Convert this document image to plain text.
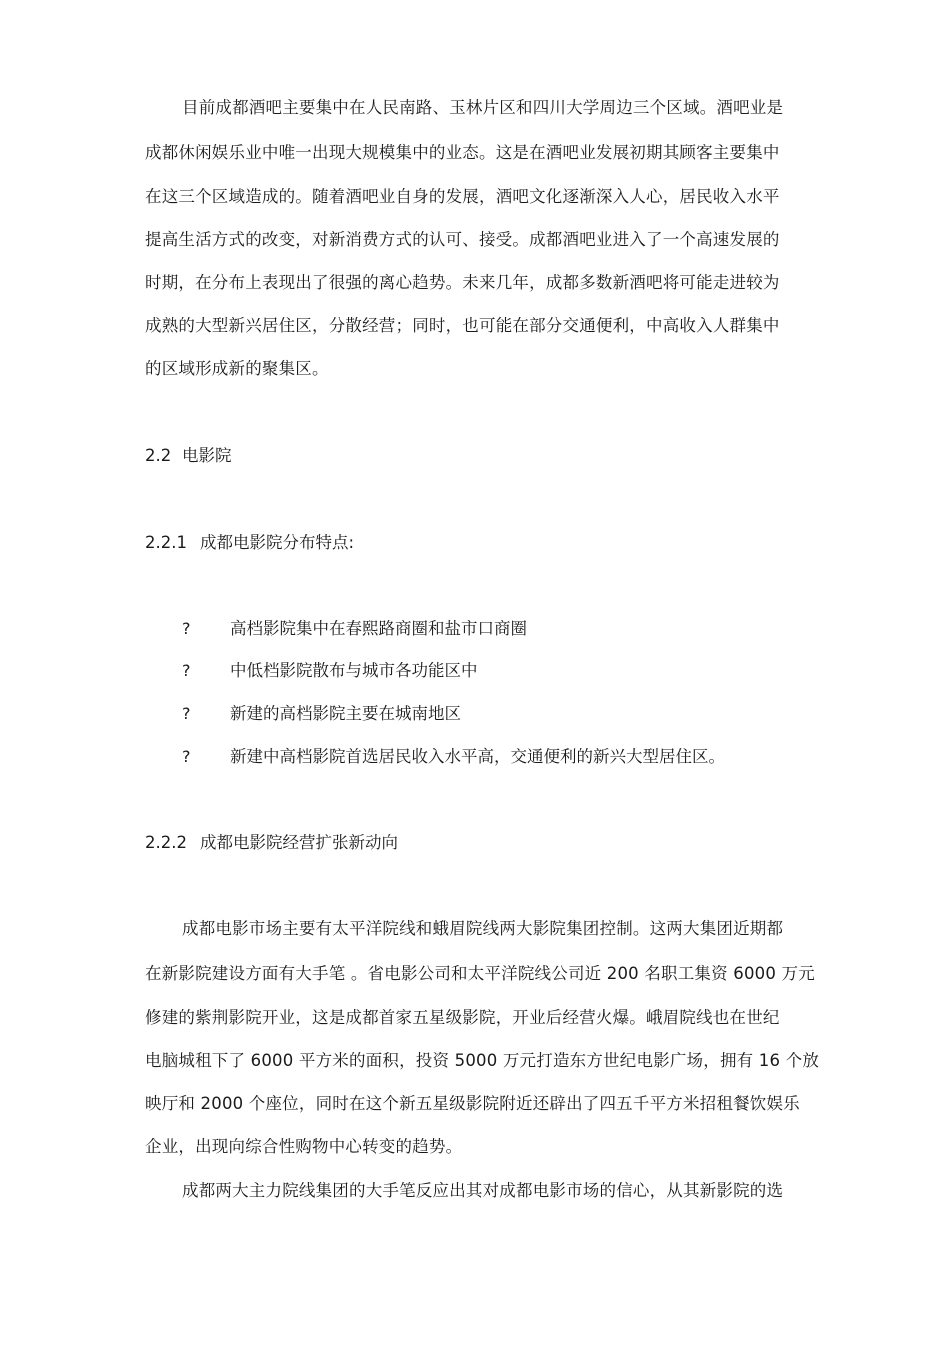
目前成都酒吧主要集中在人民南路、玉林片区和四川大学周边三个区域。酒吧业是
成都休闲娱乐业中唯一出现大规模集中的业态。这是在酒吧业发展初期其顾客主要集中
在这三个区域造成的。随着酒吧业自身的发展，酒吧文化逐渐深入人心，居民收入水平
提高生活方式的改变，对新消费方式的认可、接受。成都酒吧业进入了一个高速发展的
时期，在分布上表现出了很强的离心趋势。未来几年，成都多数新酒吧将可能走进较为
成熟的大型新兴居住区，分散经营；同时，也可能在部分交通便利，中高收入人群集中
的区域形成新的聚集区。
2.2 电影院
2.2.1 成都电影院分布特点:
? 高档影院集中在春熙路商圈和盐市口商圈
? 中低档影院散布与城市各功能区中
? 新建的高档影院主要在城南地区
? 新建中高档影院首选居民收入水平高，交通便利的新兴大型居住区。
2.2.2 成都电影院经营扩张新动向
成都电影市场主要有太平洋院线和蛾眉院线两大影院集团控制。这两大集团近期都
在新影院建设方面有大手笔 。省电影公司和太平洋院线公司近 200 名职工集资 6000 万元
修建的紫荆影院开业，这是成都首家五星级影院，开业后经营火爆。峨眉院线也在世纪
电脑城租下了 6000 平方米的面积，投资 5000 万元打造东方世纪电影广场，拥有 16 个放
映厅和 2000 个座位，同时在这个新五星级影院附近还辟出了四五千平方米招租餐饮娱乐
企业，出现向综合性购物中心转变的趋势。
成都两大主力院线集团的大手笔反应出其对成都电影市场的信心，从其新影院的选
